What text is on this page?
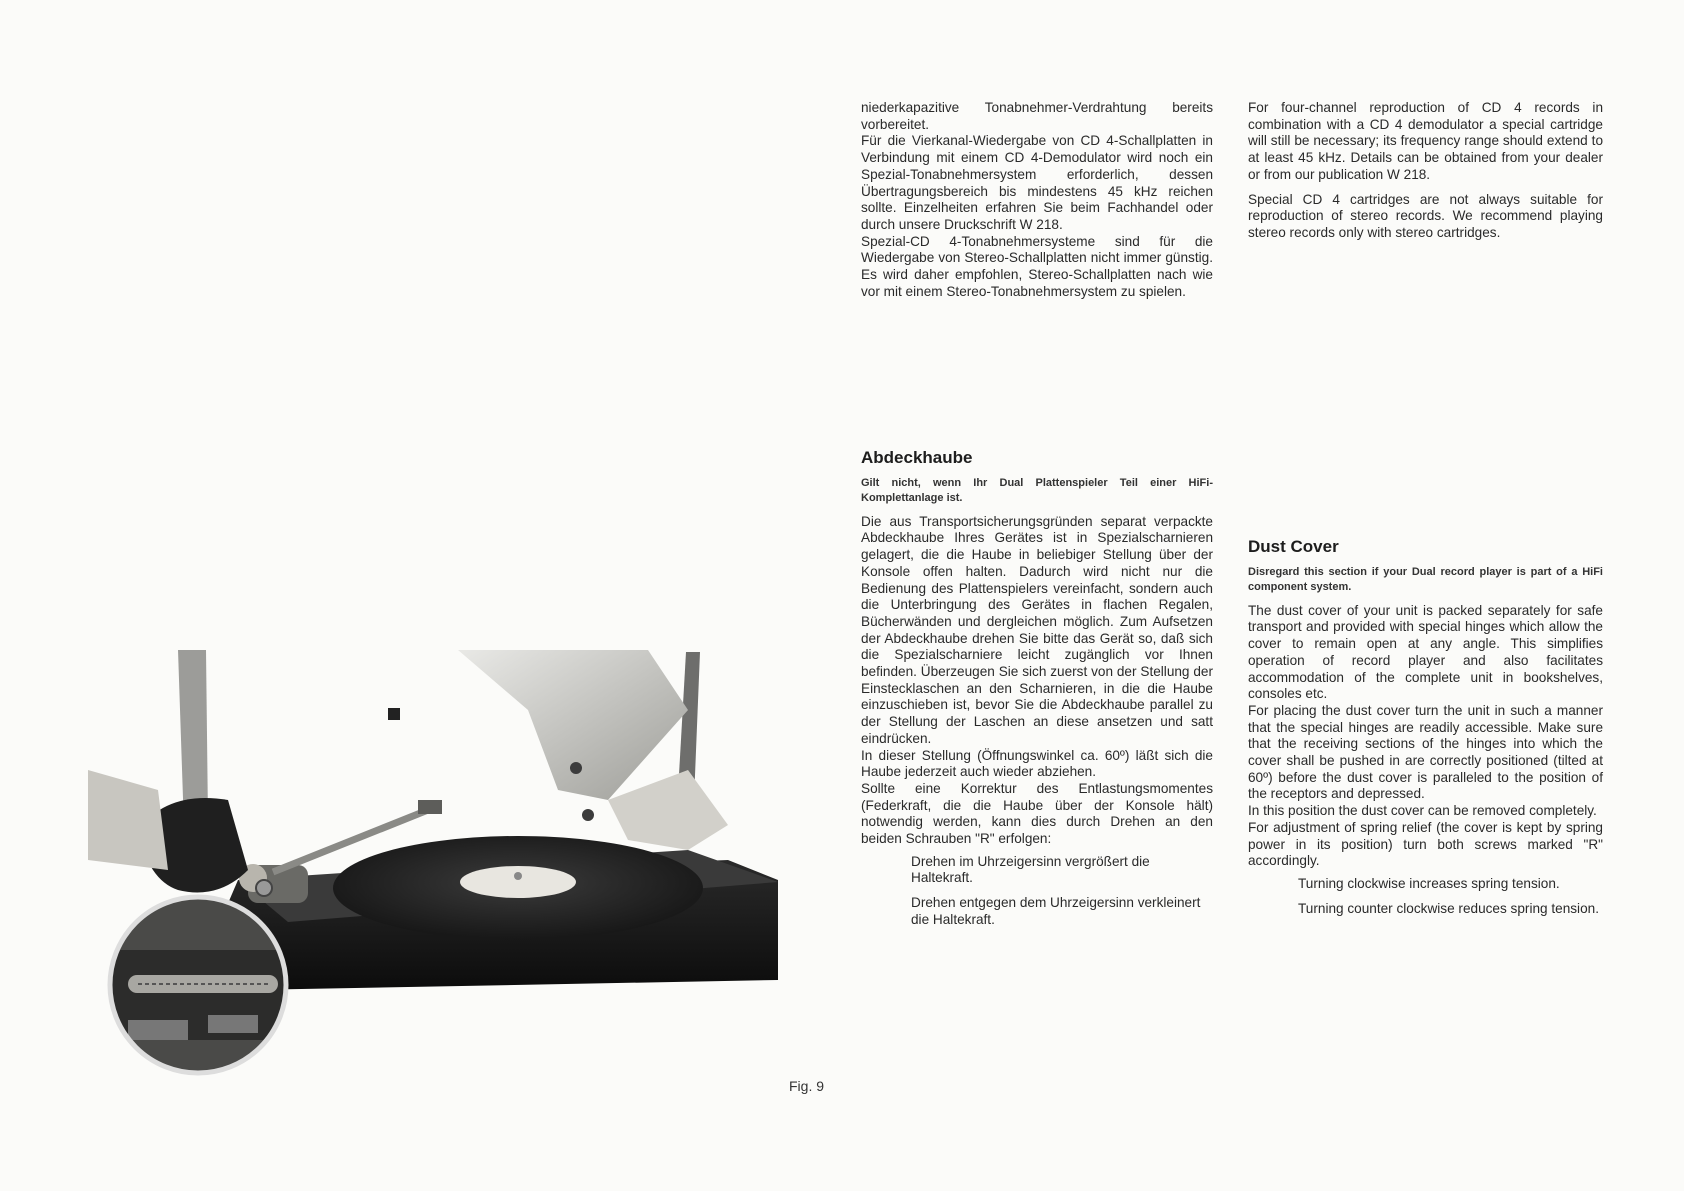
Fig. 9

niederkapazitive Tonabnehmer-Verdrahtung bereits vorbereitet.

Für die Vierkanal-Wiedergabe von CD 4-Schallplatten in Verbindung mit einem CD 4-Demodulator wird noch ein Spezial-Tonabnehmersystem erforderlich, dessen Übertragungsbereich bis mindestens 45 kHz reichen sollte. Einzelheiten erfahren Sie beim Fachhandel oder durch unsere Druckschrift W 218.

Spezial-CD 4-Tonabnehmersysteme sind für die Wiedergabe von Stereo-Schallplatten nicht immer günstig. Es wird daher empfohlen, Stereo-Schallplatten nach wie vor mit einem Stereo-Tonabnehmersystem zu spielen.

For four-channel reproduction of CD 4 records in combination with a CD 4 demodulator a special cartridge will still be necessary; its frequency range should extend to at least 45 kHz. Details can be obtained from your dealer or from our publication W 218.

Special CD 4 cartridges are not always suitable for reproduction of stereo records. We recommend playing stereo records only with stereo cartridges.

Abdeckhaube

Gilt nicht, wenn Ihr Dual Plattenspieler Teil einer HiFi-Komplettanlage ist.

Die aus Transportsicherungsgründen separat verpackte Abdeckhaube Ihres Gerätes ist in Spezialscharnieren gelagert, die die Haube in beliebiger Stellung über der Konsole offen halten. Dadurch wird nicht nur die Bedienung des Plattenspielers vereinfacht, sondern auch die Unterbringung des Gerätes in flachen Regalen, Bücherwänden und dergleichen möglich. Zum Aufsetzen der Abdeckhaube drehen Sie bitte das Gerät so, daß sich die Spezialscharniere leicht zugänglich vor Ihnen befinden. Überzeugen Sie sich zuerst von der Stellung der Einstecklaschen an den Scharnieren, in die die Haube einzuschieben ist, bevor Sie die Abdeckhaube parallel zu der Stellung der Laschen an diese ansetzen und satt eindrücken.

In dieser Stellung (Öffnungswinkel ca. 60º) läßt sich die Haube jederzeit auch wieder abziehen.

Sollte eine Korrektur des Entlastungsmomentes (Federkraft, die die Haube über der Konsole hält) notwendig werden, kann dies durch Drehen an den beiden Schrauben "R" erfolgen:

Drehen im Uhrzeigersinn vergrößert die Haltekraft.

Drehen entgegen dem Uhrzeigersinn verkleinert die Haltekraft.

Dust Cover

Disregard this section if your Dual record player is part of a HiFi component system.

The dust cover of your unit is packed separately for safe transport and provided with special hinges which allow the cover to remain open at any angle. This simplifies operation of record player and also facilitates accommodation of the complete unit in bookshelves, consoles etc.

For placing the dust cover turn the unit in such a manner that the special hinges are readily accessible. Make sure that the receiving sections of the hinges into which the cover shall be pushed in are correctly positioned (tilted at 60º) before the dust cover is paralleled to the position of the receptors and depressed.

In this position the dust cover can be removed completely.

For adjustment of spring relief (the cover is kept by spring power in its position) turn both screws marked "R" accordingly.

Turning clockwise increases spring tension.

Turning counter clockwise reduces spring tension.
